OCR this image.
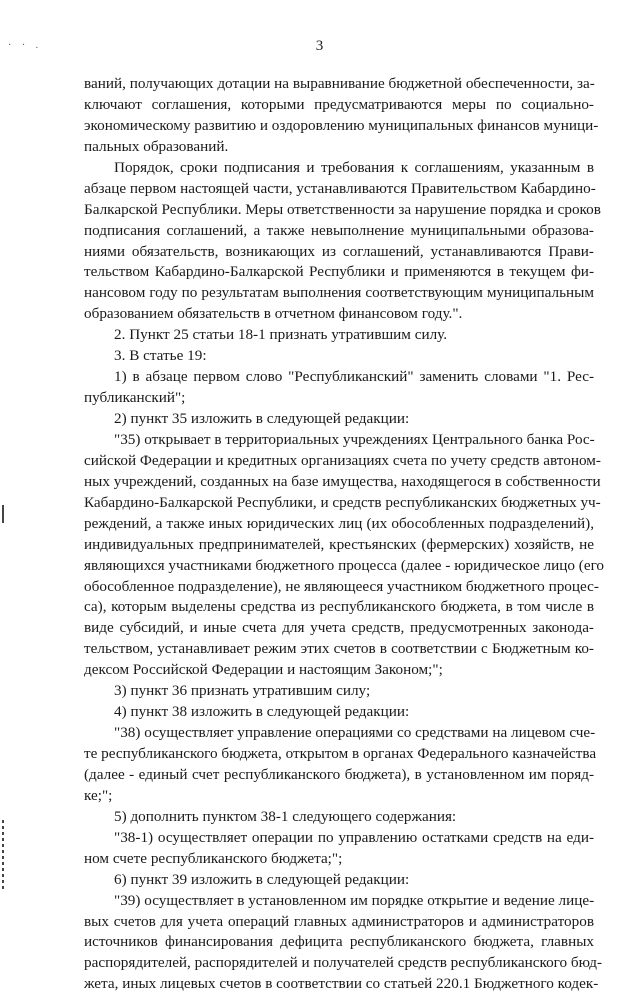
· · .	3
ваний, получающих дотации на выравнивание бюджетной обеспеченности, за-
ключают соглашения, которыми предусматриваются меры по социально-
экономическому развитию и оздоровлению муниципальных финансов муници-
пальных образований.
Порядок, сроки подписания и требования к соглашениям, указанным в
абзаце первом настоящей части, устанавливаются Правительством Кабардино-
Балкарской Республики. Меры ответственности за нарушение порядка и сроков
подписания соглашений, а также невыполнение муниципальными образова-
ниями обязательств, возникающих из соглашений, устанавливаются Прави-
тельством Кабардино-Балкарской Республики и применяются в текущем фи-
нансовом году по результатам выполнения соответствующим муниципальным
образованием обязательств в отчетном финансовом году.".
2. Пункт 25 статьи 18-1 признать утратившим силу.
3. В статье 19:
1) в абзаце первом слово "Республиканский" заменить словами "1. Рес-
публиканский";
2) пункт 35 изложить в следующей редакции:
"35) открывает в территориальных учреждениях Центрального банка Рос-
сийской Федерации и кредитных организациях счета по учету средств автоном-
ных учреждений, созданных на базе имущества, находящегося в собственности
Кабардино-Балкарской Республики, и средств республиканских бюджетных уч-
реждений, а также иных юридических лиц (их обособленных подразделений),
индивидуальных предпринимателей, крестьянских (фермерских) хозяйств, не
являющихся участниками бюджетного процесса (далее - юридическое лицо (его
обособленное подразделение), не являющееся участником бюджетного процес-
са), которым выделены средства из республиканского бюджета, в том числе в
виде субсидий, и иные счета для учета средств, предусмотренных законода-
тельством, устанавливает режим этих счетов в соответствии с Бюджетным ко-
дексом Российской Федерации и настоящим Законом;";
3) пункт 36 признать утратившим силу;
4) пункт 38 изложить в следующей редакции:
"38) осуществляет управление операциями со средствами на лицевом сче-
те республиканского бюджета, открытом в органах Федерального казначейства
(далее - единый счет республиканского бюджета), в установленном им поряд-
ке;";
5) дополнить пунктом 38-1 следующего содержания:
"38-1) осуществляет операции по управлению остатками средств на еди-
ном счете республиканского бюджета;";
6) пункт 39 изложить в следующей редакции:
"39) осуществляет в установленном им порядке открытие и ведение лице-
вых счетов для учета операций главных администраторов и администраторов
источников финансирования дефицита республиканского бюджета, главных
распорядителей, распорядителей и получателей средств республиканского бюд-
жета, иных лицевых счетов в соответствии со статьей 220.1 Бюджетного кодек-
